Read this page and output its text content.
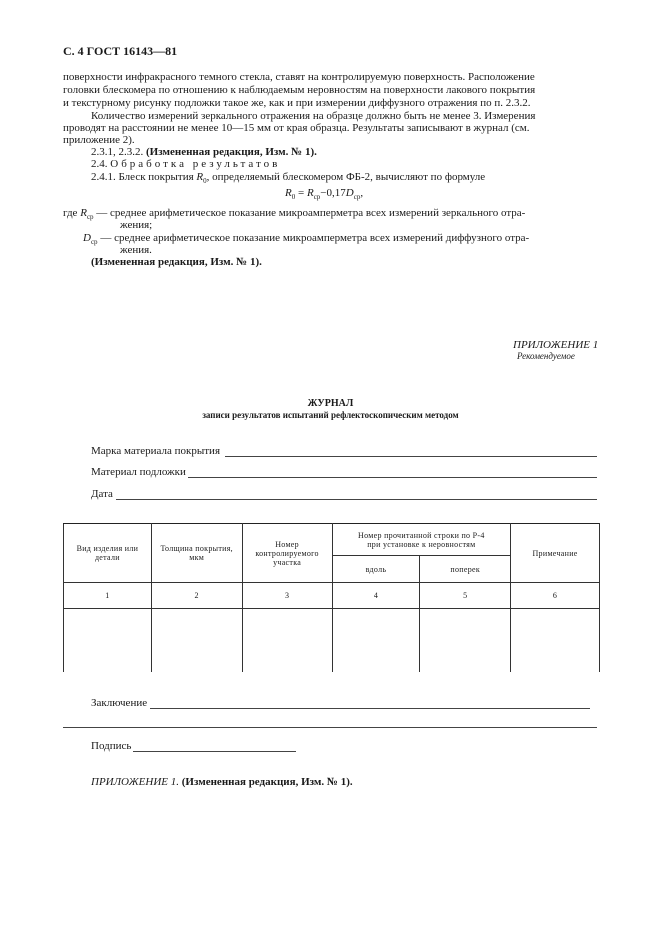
С. 4 ГОСТ 16143—81
поверхности инфракрасного темного стекла, ставят на контролируемую поверхность. Расположение
головки блескомера по отношению к наблюдаемым неровностям на поверхности лакового покрытия
и текстурному рисунку подложки такое же, как и при измерении диффузного отражения по п. 2.3.2.
Количество измерений зеркального отражения на образце должно быть не менее 3. Измерения
проводят на расстоянии не менее 10—15 мм от края образца. Результаты записывают в журнал (см.
приложение 2).
2.3.1, 2.3.2. (Измененная редакция, Изм. № 1).
2.4. Обработка результатов
2.4.1. Блеск покрытия $R_0$, определяемый блескомером ФБ-2, вычисляют по формуле
$R_0 = R_{ср}-0,17D_{ср}$,
где $R_{ср}$ — среднее арифметическое показание микроамперметра всех измерений зеркального отра-
жения;
$D_{ср}$ — среднее арифметическое показание микроамперметра всех измерений диффузного отра-
жения.
(Измененная редакция, Изм. № 1).
ПРИЛОЖЕНИЕ 1
Рекомендуемое
ЖУРНАЛ
записи результатов испытаний рефлектоскопическим методом
Марка материала покрытия
Материал подложки
Дата
Вид изделия или детали	Толщина покрытия, мкм	Номер контролируемого участка	Номер прочитанной строки по Р-4 при установке к неровностям		Примечание
			вдоль	поперек	
1	2	3	4	5	6

Заключение
Подпись
ПРИЛОЖЕНИЕ 1. (Измененная редакция, Изм. № 1).
